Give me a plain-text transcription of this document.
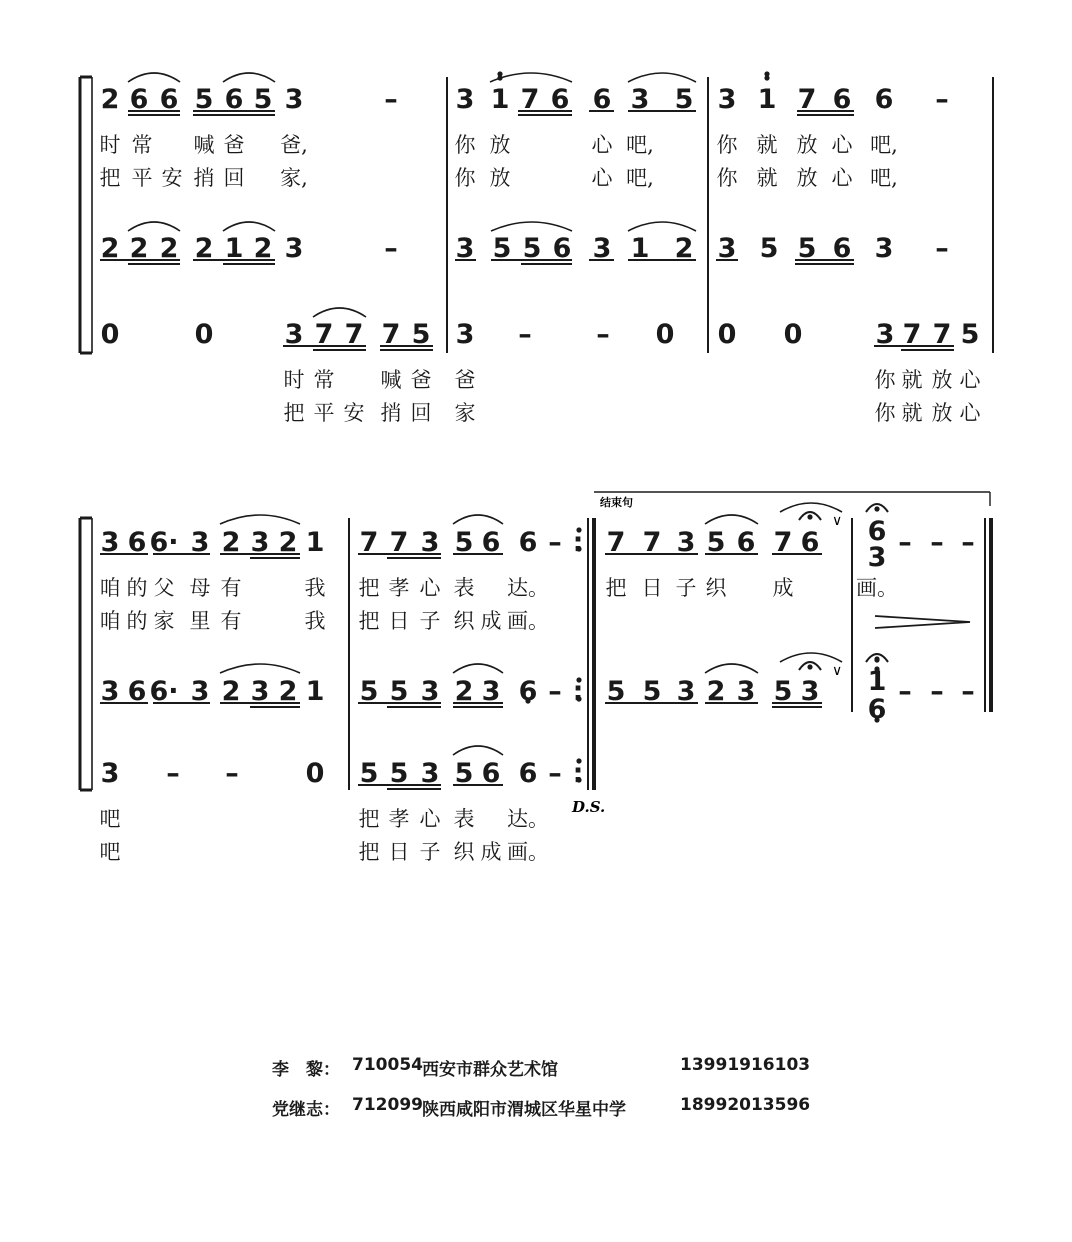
2 6 6 5 6 5 3	– 3 1 7 6 6 3 5 3 1 7 6 6 –
2 2 2 2 1 2 3	– 3 5 5 6 3 1 2 3 5 5 6 3 –
0	0	3 7 7 7 5 3 – – 0 0 0	3 7 7 5
3 6 6· 3 2 3 2 1 7 7 3 5 6 6 – : 7 7 3 5 6 7 6 6
3 – – –
3 6 6· 3 2 3 2 1 5 5 3 2 3 6 – : 5 5 3 2 3 5 3 1
6
– – –
3 – – 0 5 5 3 5 6 6 – :
时 常 喊 爸 爸,	你 放	心 吧,	你 就 放 心 吧,
把 平 安 捎 回 家,	你 放	心 吧,	你 就 放 心 吧,
时 常 喊 爸 爸	你 就 放 心
把 平 安 捎 回 家	你 就 放 心
咱 的 父 母 有	我 把 孝 心 表 达。	把 日 子 织 成	画。
咱 的 家 里 有	我 把 日 子 织 成 画。
吧	把 孝 心 表 达。
吧	把 日 子 织 成 画。
结束句
D.S.
∨
∨
李　黎： 710054 西安市群众艺术馆	13991916103
党继志： 712099 陕西咸阳市渭城区华星中学	18992013596
